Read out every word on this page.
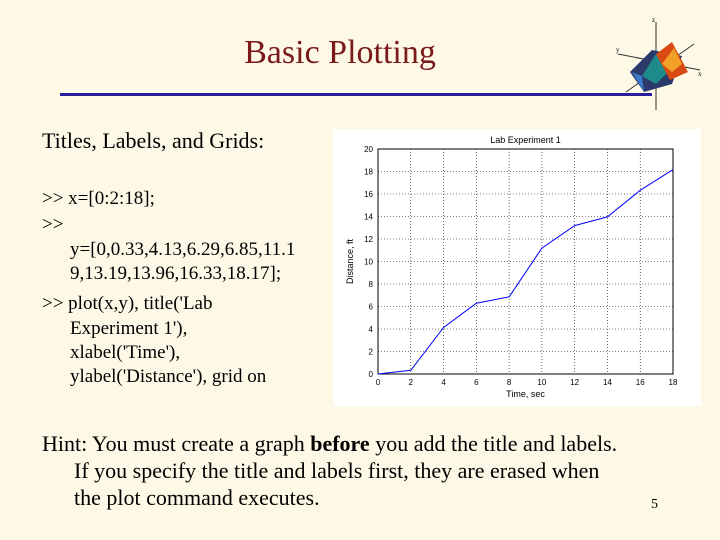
Basic Plotting
z
y
x
Titles, Labels, and Grids:

>> x=[0:2:18];

>>

y=[0,0.33,4.13,6.29,6.85,11.1

9,13.19,13.96,16.33,18.17];

>> plot(x,y), title('Lab

Experiment 1'),

xlabel('Time'),

ylabel('Distance'), grid on	0	2	4	6	8	10	12	14	16	18
0
2
4
6
8
10
12
14
16
18
20
Lab Experiment 1
Time, sec
Distance, ft
Hint: You must create a graph before you add the title and labels.
If you specify the title and labels first, they are erased when
the plot command executes.	5
